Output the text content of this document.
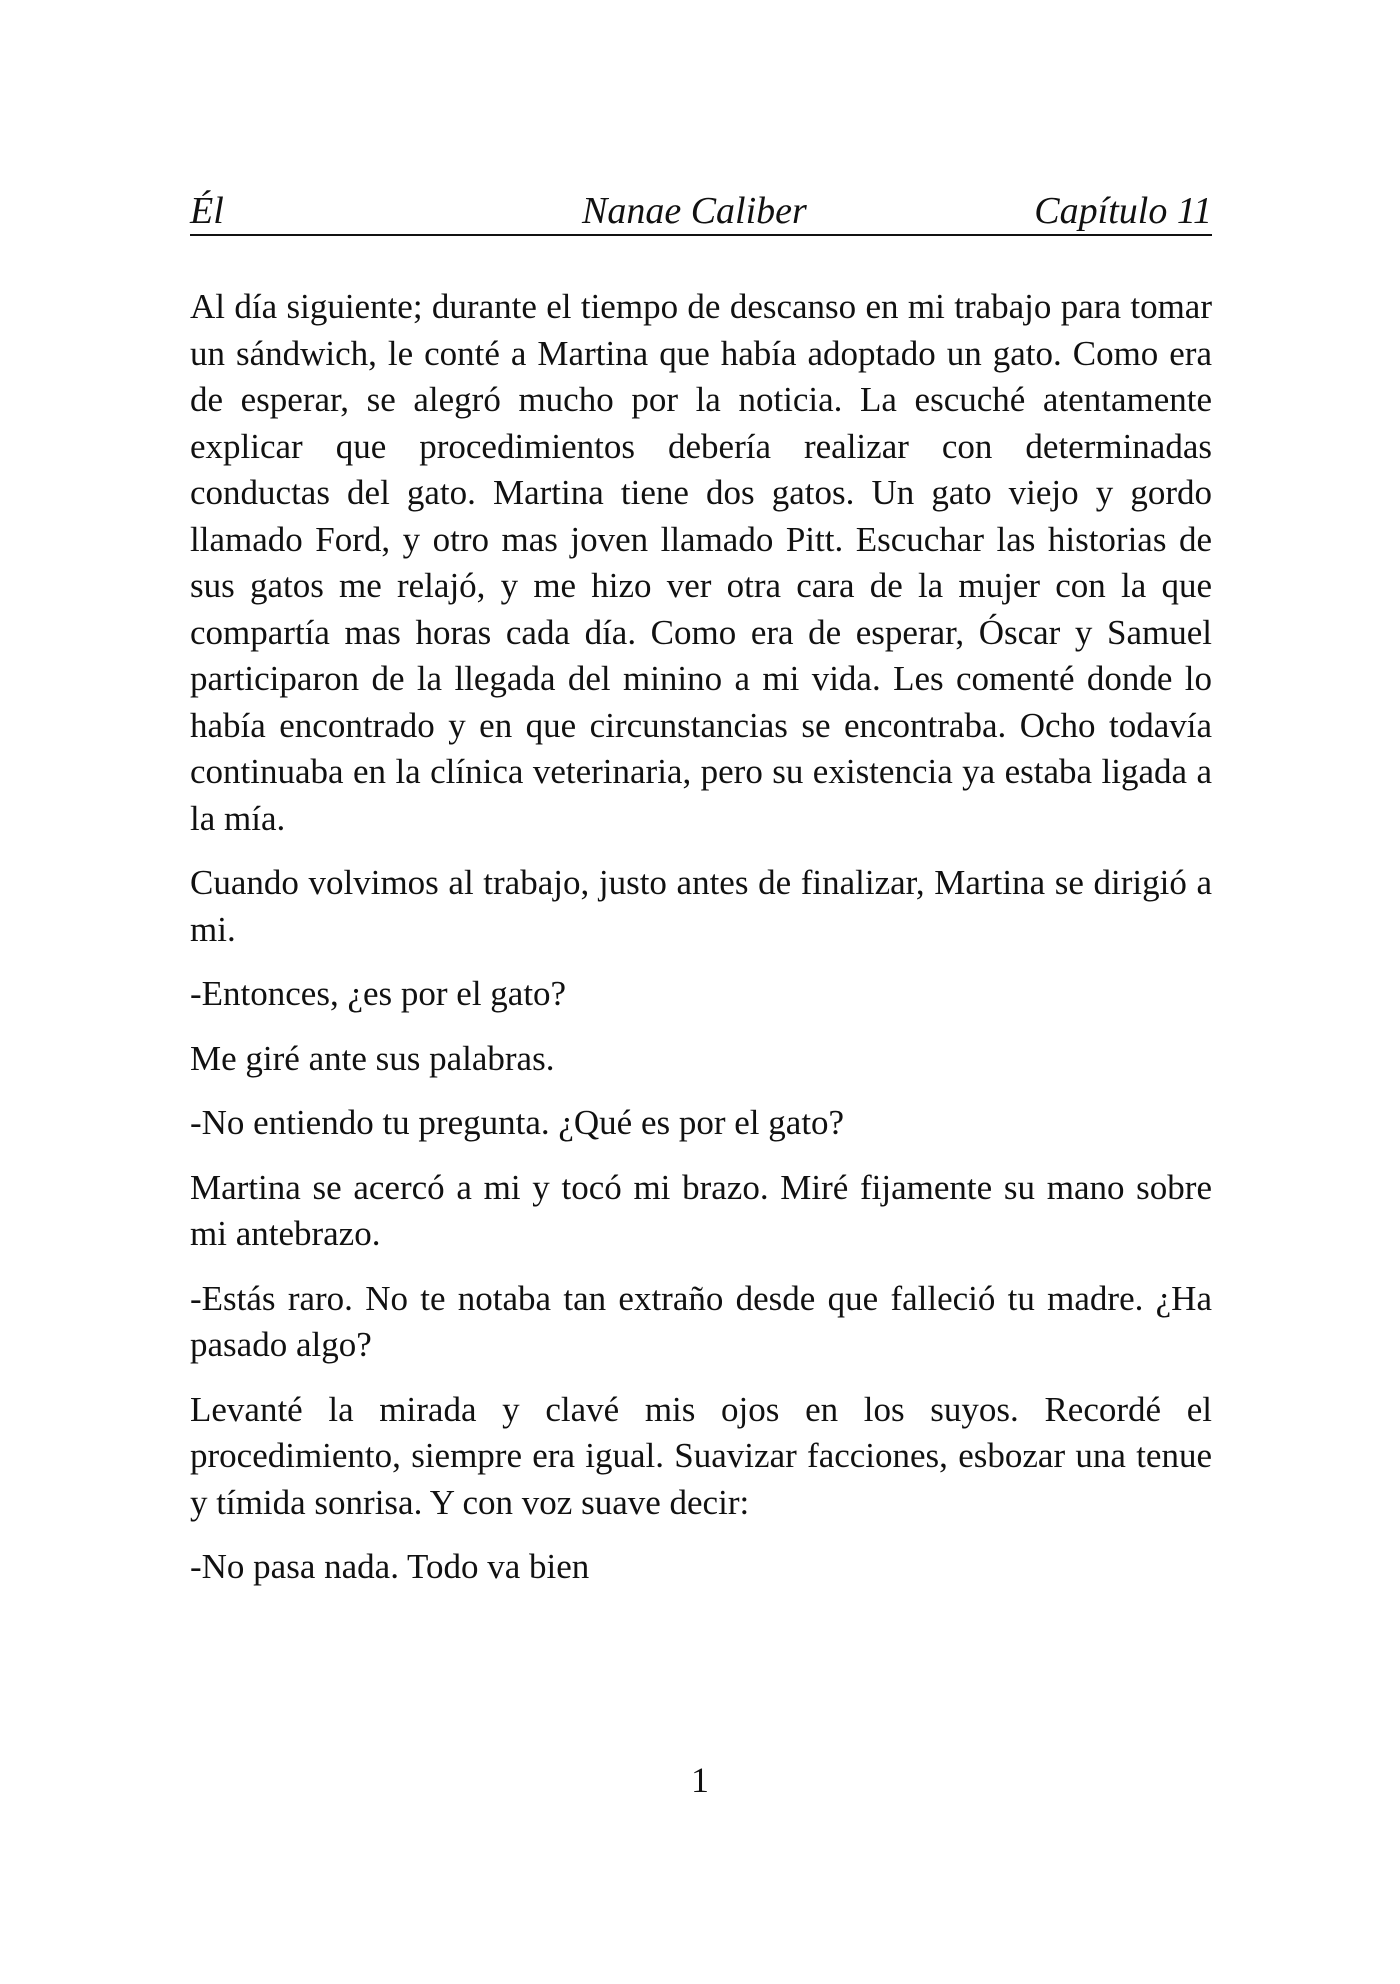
Él	Nanae Caliber	Capítulo 11

Al día siguiente; durante el tiempo de descanso en mi trabajo para tomar un sándwich, le conté a Martina que había adoptado un gato. Como era de esperar, se alegró mucho por la noticia. La escuché atentamente explicar que procedimientos debería realizar con determinadas conductas del gato. Martina tiene dos gatos. Un gato viejo y gordo llamado Ford, y otro mas joven llamado Pitt. Escuchar las historias de sus gatos me relajó, y me hizo ver otra cara de la mujer con la que compartía mas horas cada día. Como era de esperar, Óscar y Samuel participaron de la llegada del minino a mi vida. Les comenté donde lo había encontrado y en que circunstancias se encontraba. Ocho todavía continuaba en la clínica veterinaria, pero su existencia ya estaba ligada a la mía.

Cuando volvimos al trabajo, justo antes de finalizar, Martina se dirigió a mi.

-Entonces, ¿es por el gato?

Me giré ante sus palabras.

-No entiendo tu pregunta. ¿Qué es por el gato?

Martina se acercó a mi y tocó mi brazo. Miré fijamente su mano sobre mi antebrazo.

-Estás raro. No te notaba tan extraño desde que falleció tu madre. ¿Ha pasado algo?

Levanté la mirada y clavé mis ojos en los suyos. Recordé el procedimiento, siempre era igual. Suavizar facciones, esbozar una tenue y tímida sonrisa. Y con voz suave decir:

-No pasa nada. Todo va bien

1
